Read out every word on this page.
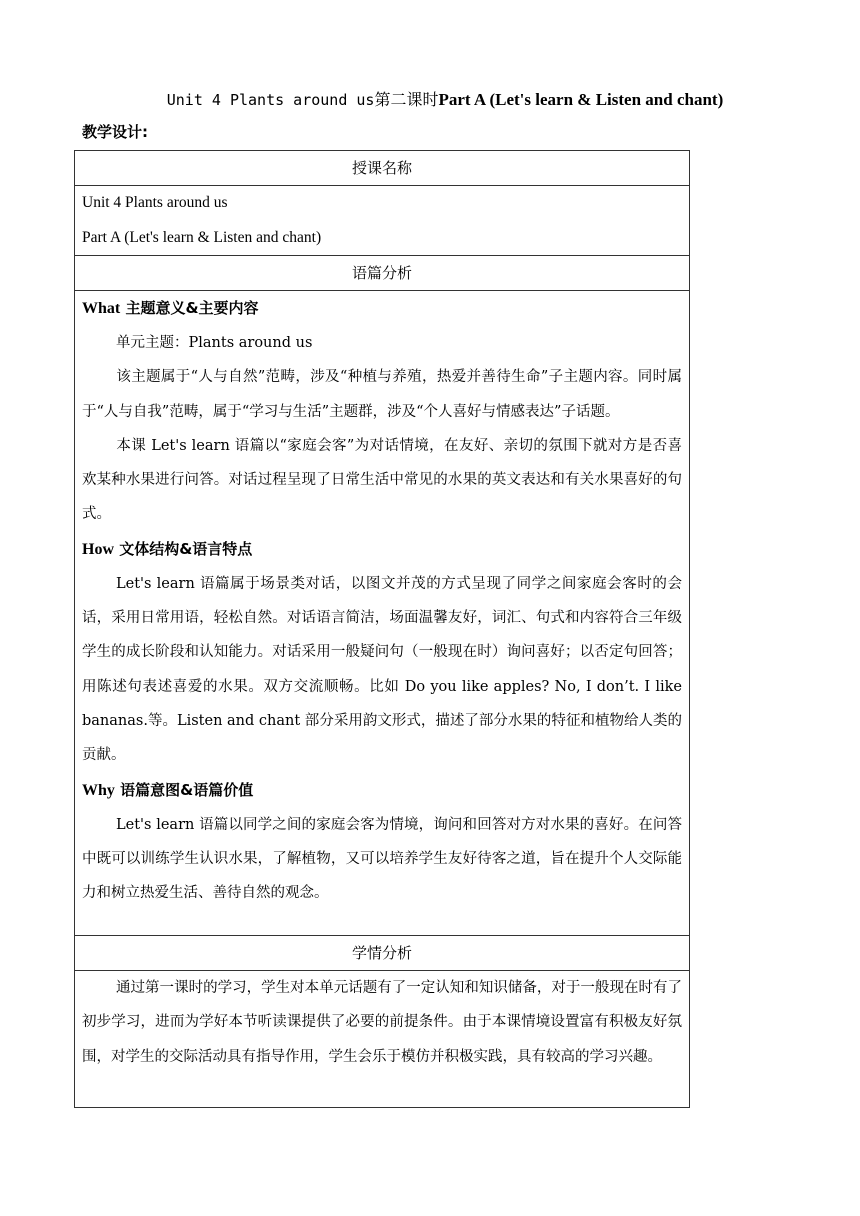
Unit 4 Plants around us第二课时Part A (Let's learn & Listen and chant)
教学设计:
授课名称

Unit 4 Plants around us

Part A (Let's learn & Listen and chant)

语篇分析

What 主题意义&主要内容

单元主题：Plants around us

该主题属于“人与自然”范畴，涉及“种植与养殖，热爱并善待生命”子主题内容。同时属于“人与自我”范畴，属于“学习与生活”主题群，涉及“个人喜好与情感表达”子话题。

本课 Let's learn 语篇以“家庭会客”为对话情境，在友好、亲切的氛围下就对方是否喜欢某种水果进行问答。对话过程呈现了日常生活中常见的水果的英文表达和有关水果喜好的句式。

How 文体结构&语言特点

Let's learn 语篇属于场景类对话，以图文并茂的方式呈现了同学之间家庭会客时的会话，采用日常用语，轻松自然。对话语言简洁，场面温馨友好，词汇、句式和内容符合三年级学生的成长阶段和认知能力。对话采用一般疑问句（一般现在时）询问喜好；以否定句回答；用陈述句表述喜爱的水果。双方交流顺畅。比如 Do you like apples? No, I don’t. I like bananas.等。Listen and chant 部分采用韵文形式，描述了部分水果的特征和植物给人类的贡献。

Why 语篇意图&语篇价值

Let's learn 语篇以同学之间的家庭会客为情境，询问和回答对方对水果的喜好。在问答中既可以训练学生认识水果，了解植物，又可以培养学生友好待客之道，旨在提升个人交际能力和树立热爱生活、善待自然的观念。

学情分析

通过第一课时的学习，学生对本单元话题有了一定认知和知识储备，对于一般现在时有了初步学习，进而为学好本节听读课提供了必要的前提条件。由于本课情境设置富有积极友好氛围，对学生的交际活动具有指导作用，学生会乐于模仿并积极实践，具有较高的学习兴趣。
